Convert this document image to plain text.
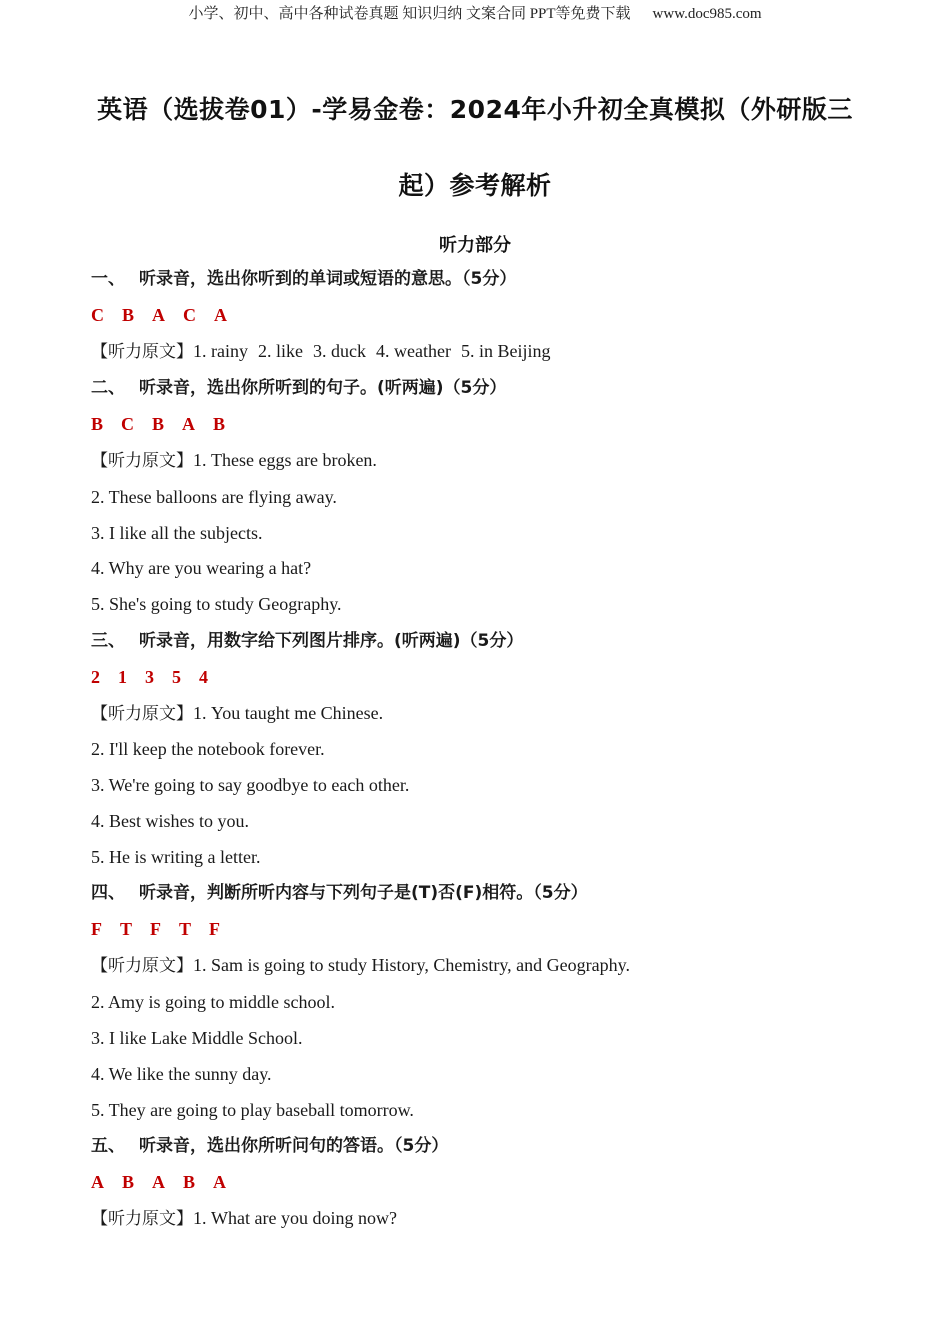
小学、初中、高中各种试卷真题 知识归纳 文案合同 PPT等免费下载 www.doc985.com
英语（选拔卷01）-学易金卷：2024年小升初全真模拟（外研版三
起）参考解析
听力部分
一、 听录音，选出你听到的单词或短语的意思。（5分）
C B A C A
【听力原文】1. rainy 2. like 3. duck 4. weather 5. in Beijing
二、 听录音，选出你所听到的句子。(听两遍)（5分）
B C B A B
【听力原文】1. These eggs are broken.
2. These balloons are flying away.
3. I like all the subjects.
4. Why are you wearing a hat?
5. She's going to study Geography.
三、 听录音，用数字给下列图片排序。(听两遍)（5分）
2 1 3 5 4
【听力原文】1. You taught me Chinese.
2. I'll keep the notebook forever.
3. We're going to say goodbye to each other.
4. Best wishes to you.
5. He is writing a letter.
四、 听录音，判断所听内容与下列句子是(T)否(F)相符。（5分）
F T F T F
【听力原文】1. Sam is going to study History, Chemistry, and Geography.
2. Amy is going to middle school.
3. I like Lake Middle School.
4. We like the sunny day.
5. They are going to play baseball tomorrow.
五、 听录音，选出你所听问句的答语。（5分）
A B A B A
【听力原文】1. What are you doing now?
